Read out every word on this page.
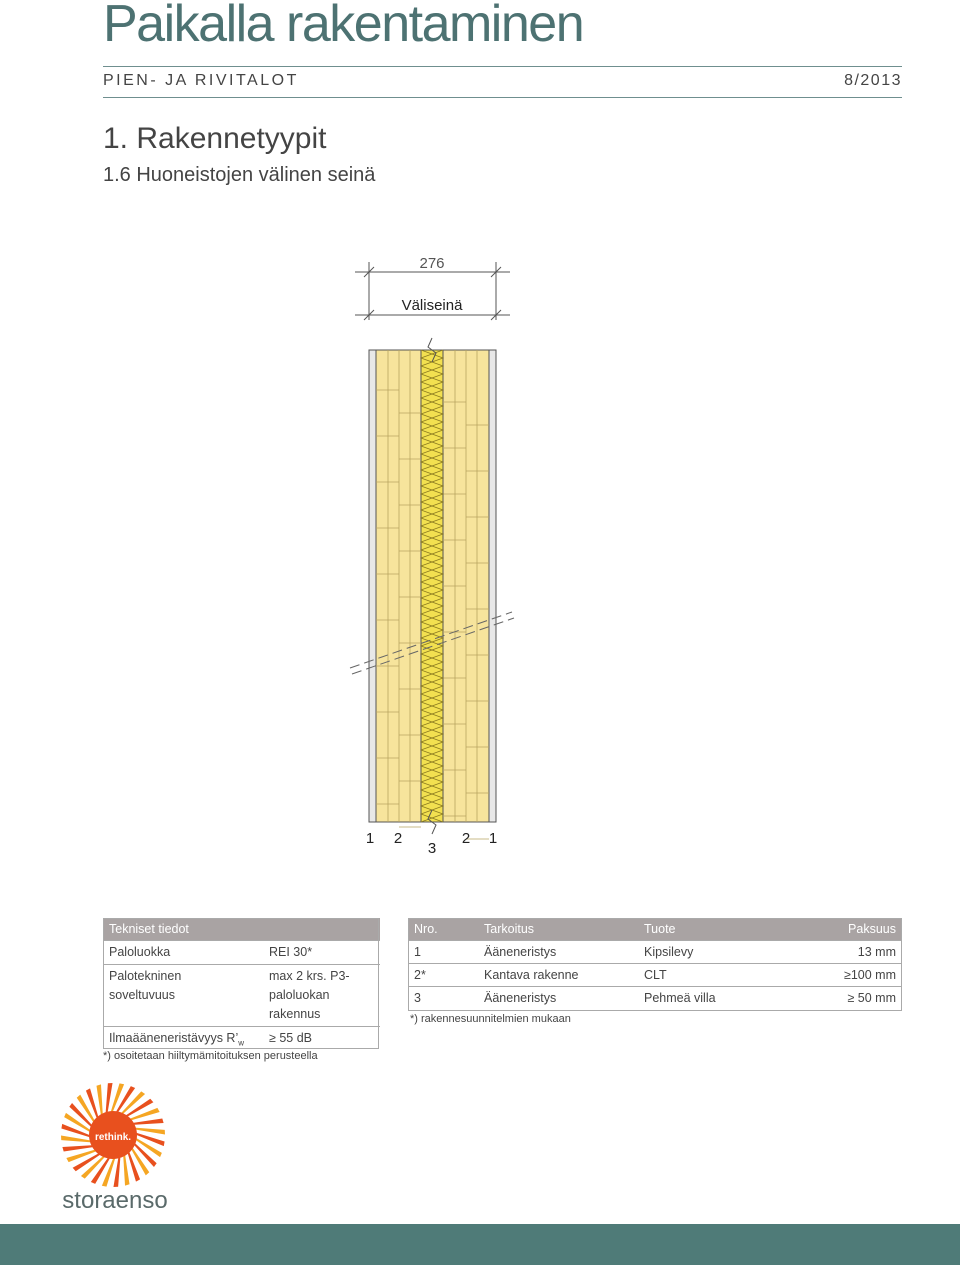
Paikalla rakentaminen
PIEN- JA RIVITALOT	8/2013
1. Rakennetyypit
1.6 Huoneistojen välinen seinä
276
Väliseinä
1 2
3
2 1
Tekniset tiedot	
Paloluokka	REI 30*

Palotekninen soveltuvuus	max 2 krs. P3-paloluokan rakennus

Ilmaääneneristävyys $R’_w$	≥ 55 dB
*) osoitetaan hiiltymämitoituksen perusteella
Nro.	Tarkoitus	Tuote	Paksuus
1	Ääneneristys	Kipsilevy	13 mm
2*	Kantava rakenne	CLT	≥100 mm
3	Ääneneristys	Pehmeä villa	≥ 50 mm
*) rakennesuunnitelmien mukaan
rethink.
storaenso
